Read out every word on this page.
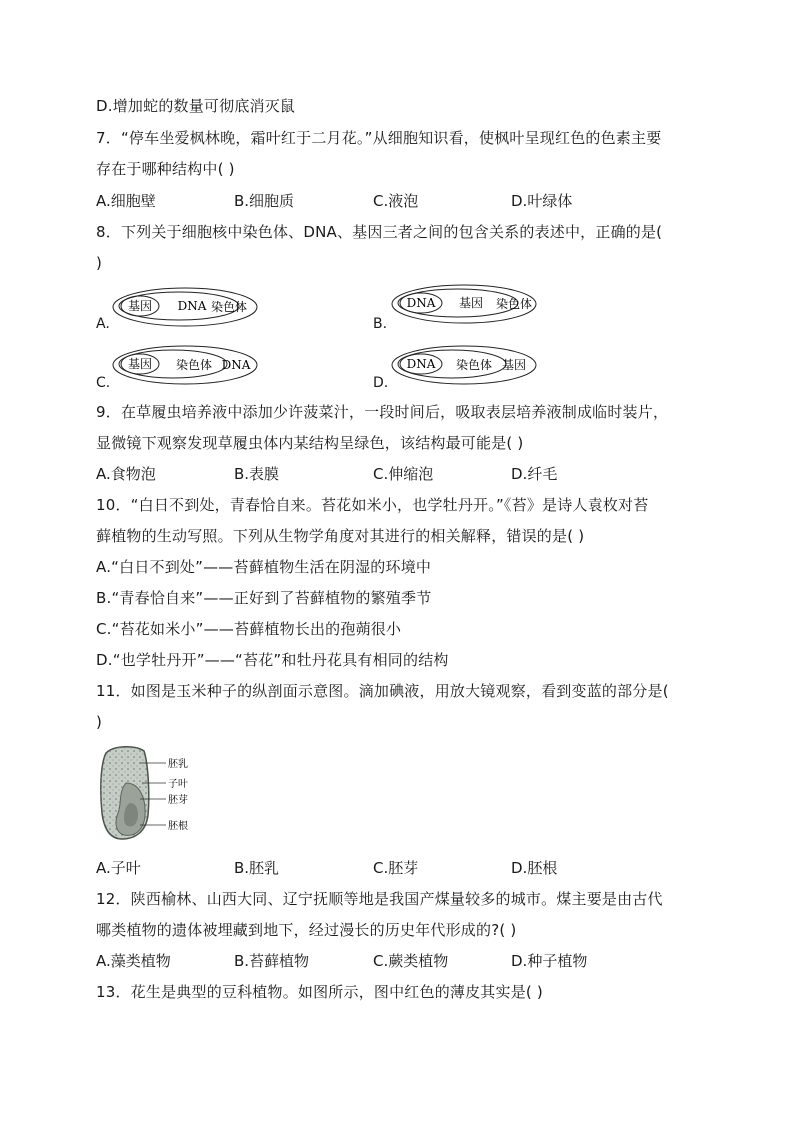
D.增加蛇的数量可彻底消灭鼠
7．“停车坐爱枫林晚，霜叶红于二月花。”从细胞知识看，使枫叶呈现红色的色素主要
存在于哪种结构中( )
A.细胞壁	B.细胞质	C.液泡	D.叶绿体
8．下列关于细胞核中染色体、DNA、基因三者之间的包含关系的表述中，正确的是(
)
A.
基因 DNA 染色体
B.
DNA 基因 染色体
C.
基因 染色体 DNA
D.
DNA 染色体 基因
9．在草履虫培养液中添加少许菠菜汁，一段时间后，吸取表层培养液制成临时装片，
显微镜下观察发现草履虫体内某结构呈绿色，该结构最可能是( )
A.食物泡	B.表膜	C.伸缩泡	D.纤毛
10．“白日不到处，青春恰自来。苔花如米小，也学牡丹开。”《苔》是诗人袁枚对苔
藓植物的生动写照。下列从生物学角度对其进行的相关解释，错误的是( )
A.“白日不到处”——苔藓植物生活在阴湿的环境中
B.“青春恰自来”——正好到了苔藓植物的繁殖季节
C.“苔花如米小”——苔藓植物长出的孢蒴很小
D.“也学牡丹开”——“苔花”和牡丹花具有相同的结构
11．如图是玉米种子的纵剖面示意图。滴加碘液，用放大镜观察，看到变蓝的部分是(
)
胚乳
子叶
胚芽
胚根
A.子叶	B.胚乳	C.胚芽	D.胚根
12．陕西榆林、山西大同、辽宁抚顺等地是我国产煤量较多的城市。煤主要是由古代
哪类植物的遗体被埋藏到地下，经过漫长的历史年代形成的?( )
A.藻类植物	B.苔藓植物	C.蕨类植物	D.种子植物
13．花生是典型的豆科植物。如图所示，图中红色的薄皮其实是( )
